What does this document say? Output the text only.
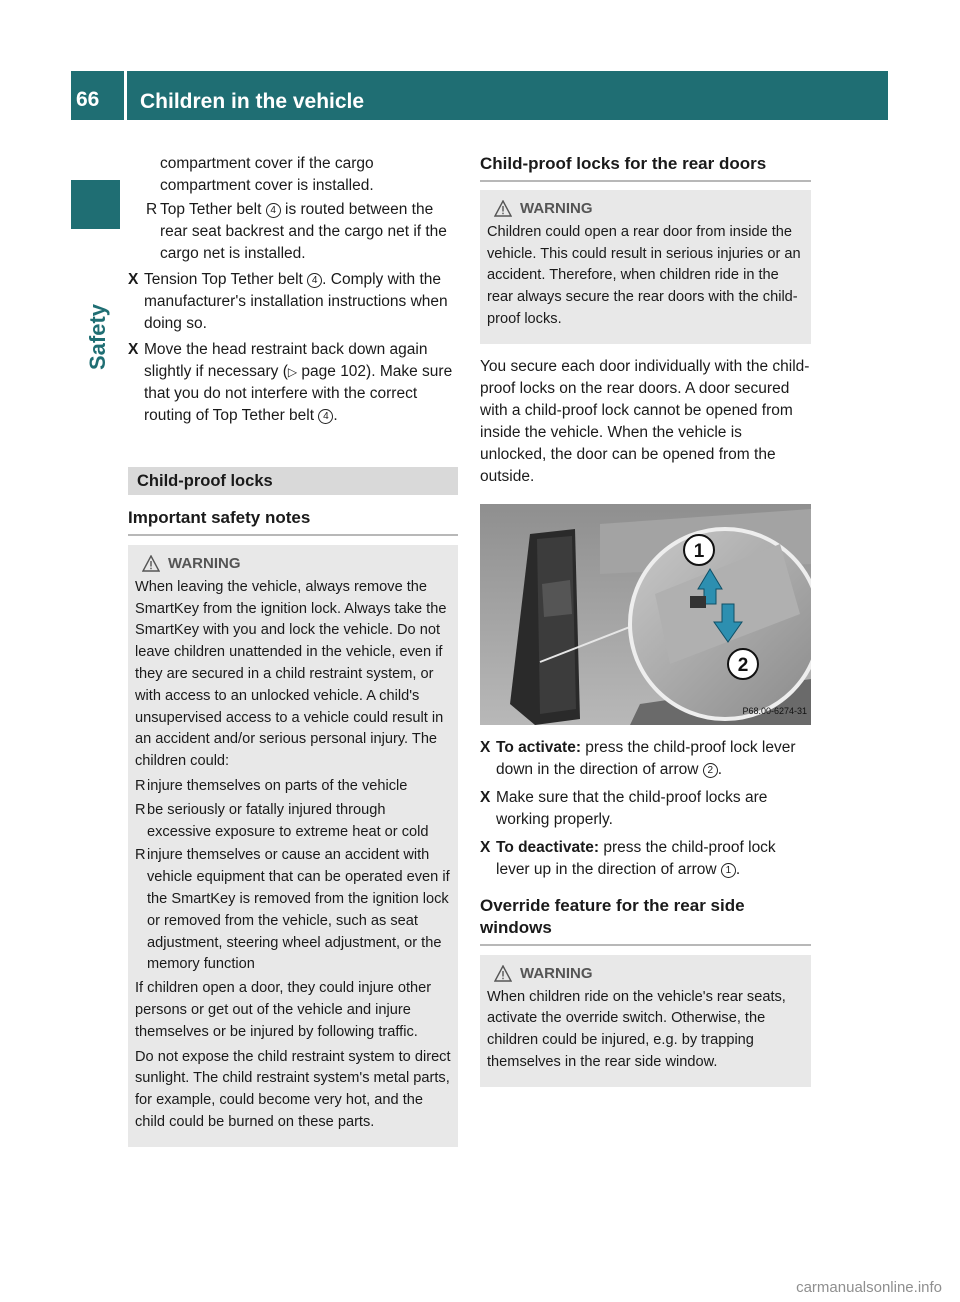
66	Children in the vehicle
Safety

compartment cover if the cargo
compartment cover is installed.

R Top Tether belt 4 is routed between the rear seat backrest and the cargo net if the cargo net is installed.

X Tension Top Tether belt 4 . Comply with the manufacturer's installation instructions when doing so.

X Move the head restraint back down again slightly if necessary (▷ page 102). Make sure that you do not interfere with the correct routing of Top Tether belt 4 .

Child-proof locks
Important safety notes
WARNING

When leaving the vehicle, always remove the SmartKey from the ignition lock. Always take the SmartKey with you and lock the vehicle. Do not leave children unattended in the vehicle, even if they are secured in a child restraint system, or with access to an unlocked vehicle. A child's unsupervised access to a vehicle could result in an accident and/or serious personal injury. The children could:

R injure themselves on parts of the vehicle

R be seriously or fatally injured through excessive exposure to extreme heat or cold

R injure themselves or cause an accident with vehicle equipment that can be operated even if the SmartKey is removed from the ignition lock or removed from the vehicle, such as seat adjustment, steering wheel adjustment, or the memory function

If children open a door, they could injure other persons or get out of the vehicle and injure themselves or be injured by following traffic.

Do not expose the child restraint system to direct sunlight. The child restraint system's metal parts, for example, could become very hot, and the child could be burned on these parts.

Child-proof locks for the rear doors
WARNING

Children could open a rear door from inside the vehicle. This could result in serious injuries or an accident. Therefore, when children ride in the rear always secure the rear doors with the child-proof locks.

You secure each door individually with the child-proof locks on the rear doors. A door secured with a child-proof lock cannot be opened from inside the vehicle. When the vehicle is unlocked, the door can be opened from the outside.

1
2
P68.00-6274-31

X To activate: press the child-proof lock lever down in the direction of arrow 2 .

X Make sure that the child-proof locks are working properly.

X To deactivate: press the child-proof lock lever up in the direction of arrow 1 .

Override feature for the rear side windows
WARNING

When children ride on the vehicle's rear seats, activate the override switch. Otherwise, the children could be injured, e.g. by trapping themselves in the rear side window.

carmanualsonline.info
